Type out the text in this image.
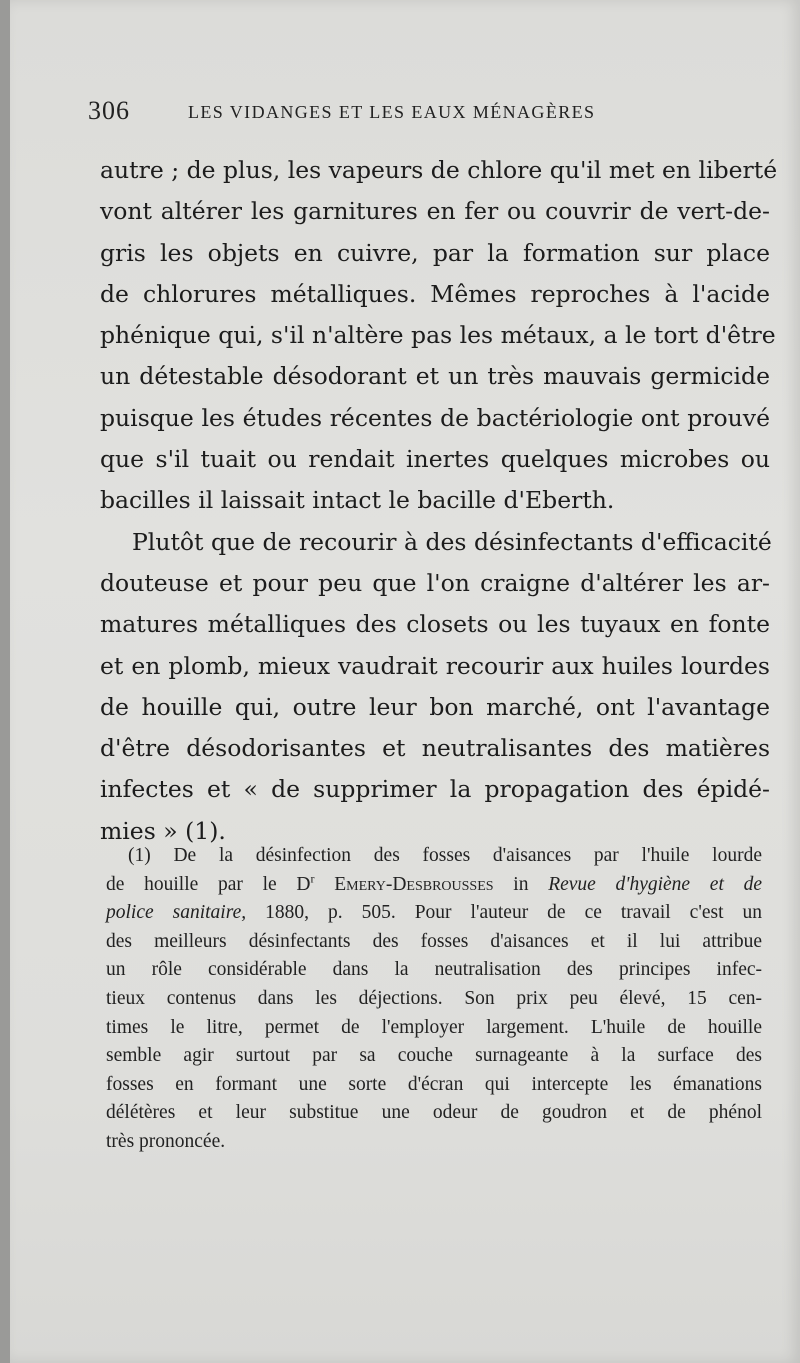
306	LES VIDANGES ET LES EAUX MÉNAGÈRES

autre ; de plus, les vapeurs de chlore qu'il met en liberté
vont altérer les garnitures en fer ou couvrir de vert-de-
gris les objets en cuivre, par la formation sur place
de chlorures métalliques. Mêmes reproches à l'acide
phénique qui, s'il n'altère pas les métaux, a le tort d'être
un détestable désodorant et un très mauvais germicide
puisque les études récentes de bactériologie ont prouvé
que s'il tuait ou rendait inertes quelques microbes ou
bacilles il laissait intact le bacille d'Eberth.

Plutôt que de recourir à des désinfectants d'efficacité
douteuse et pour peu que l'on craigne d'altérer les ar-
matures métalliques des closets ou les tuyaux en fonte
et en plomb, mieux vaudrait recourir aux huiles lourdes
de houille qui, outre leur bon marché, ont l'avantage
d'être désodorisantes et neutralisantes des matières
infectes et « de supprimer la propagation des épidé-
mies » (1).

(1) De la désinfection des fosses d'aisances par l'huile lourde
de houille par le $D^r$ Emery-Desbrousses in Revue d'hygiène et de
police sanitaire, 1880, p. 505. Pour l'auteur de ce travail c'est un
des meilleurs désinfectants des fosses d'aisances et il lui attribue
un rôle considérable dans la neutralisation des principes infec-
tieux contenus dans les déjections. Son prix peu élevé, 15 cen-
times le litre, permet de l'employer largement. L'huile de houille
semble agir surtout par sa couche surnageante à la surface des
fosses en formant une sorte d'écran qui intercepte les émanations
délétères et leur substitue une odeur de goudron et de phénol
très prononcée.
